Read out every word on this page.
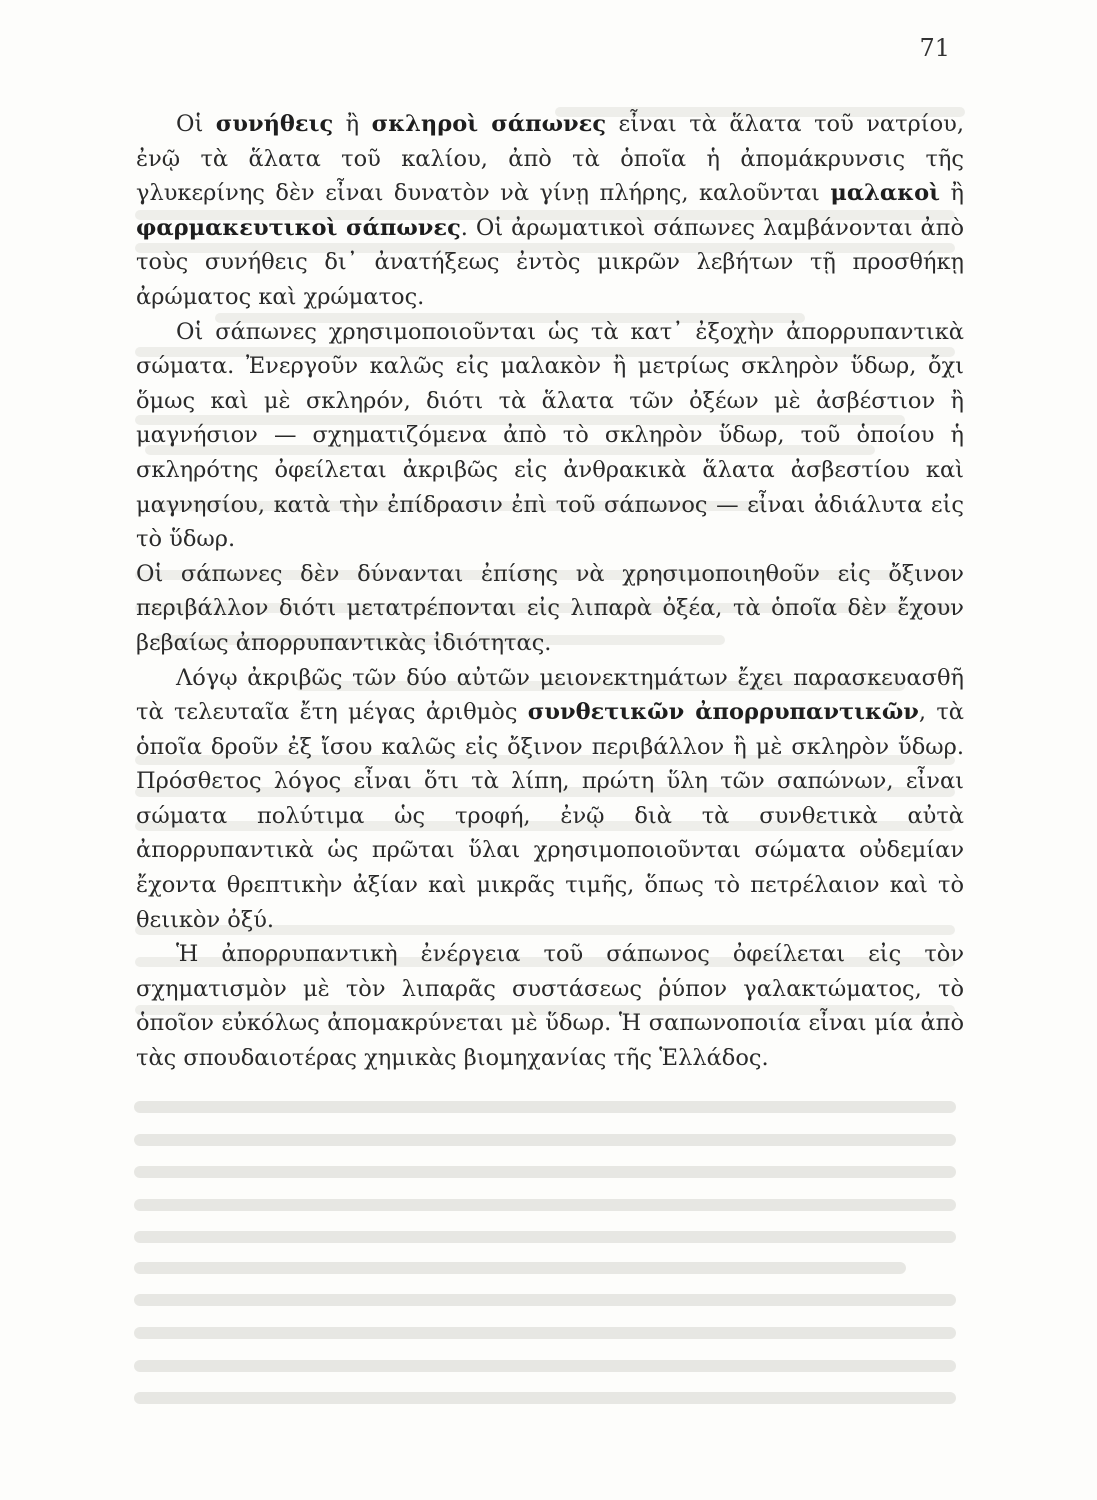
71

Οἱ συνήθεις ἢ σκληροὶ σάπωνες εἶναι τὰ ἅλατα τοῦ νατρίου, ἐνῷ τὰ ἅλατα τοῦ καλίου, ἀπὸ τὰ ὁποῖα ἡ ἀπομάκρυνσις τῆς γλυκερίνης δὲν εἶναι δυνατὸν νὰ γίνῃ πλήρης, καλοῦνται μαλακοὶ ἢ φαρμακευτικοὶ σάπωνες. Οἱ ἀρωματικοὶ σάπωνες λαμβάνονται ἀπὸ τοὺς συνήθεις δι᾿ ἀνατήξεως ἐντὸς μικρῶν λεβήτων τῇ προσθήκῃ ἀρώματος καὶ χρώματος.

Οἱ σάπωνες χρησιμοποιοῦνται ὡς τὰ κατ᾿ ἐξοχὴν ἀπορρυπαντικὰ σώματα. Ἐνεργοῦν καλῶς εἰς μαλακὸν ἢ μετρίως σκληρὸν ὕδωρ, ὄχι ὅμως καὶ μὲ σκληρόν, διότι τὰ ἅλατα τῶν ὀξέων μὲ ἀσβέστιον ἢ μαγνήσιον — σχηματιζόμενα ἀπὸ τὸ σκληρὸν ὕδωρ, τοῦ ὁποίου ἡ σκληρότης ὀφείλεται ἀκριβῶς εἰς ἀνθρακικὰ ἅλατα ἀσβεστίου καὶ μαγνησίου, κατὰ τὴν ἐπίδρασιν ἐπὶ τοῦ σάπωνος — εἶναι ἀδιάλυτα εἰς τὸ ὕδωρ.

Οἱ σάπωνες δὲν δύνανται ἐπίσης νὰ χρησιμοποιηθοῦν εἰς ὄξινον περιβάλλον διότι μετατρέπονται εἰς λιπαρὰ ὀξέα, τὰ ὁποῖα δὲν ἔχουν βεβαίως ἀπορρυπαντικὰς ἰδιότητας.

Λόγῳ ἀκριβῶς τῶν δύο αὐτῶν μειονεκτημάτων ἔχει παρασκευασθῆ τὰ τελευταῖα ἔτη μέγας ἀριθμὸς συνθετικῶν ἀπορρυπαντικῶν, τὰ ὁποῖα δροῦν ἐξ ἴσου καλῶς εἰς ὄξινον περιβάλλον ἢ μὲ σκληρὸν ὕδωρ. Πρόσθετος λόγος εἶναι ὅτι τὰ λίπη, πρώτη ὕλη τῶν σαπώνων, εἶναι σώματα πολύτιμα ὡς τροφή, ἐνῷ διὰ τὰ συνθετικὰ αὐτὰ ἀπορρυπαντικὰ ὡς πρῶται ὕλαι χρησιμοποιοῦνται σώματα οὐδεμίαν ἔχοντα θρεπτικὴν ἀξίαν καὶ μικρᾶς τιμῆς, ὅπως τὸ πετρέλαιον καὶ τὸ θειικὸν ὀξύ.

Ἡ ἀπορρυπαντικὴ ἐνέργεια τοῦ σάπωνος ὀφείλεται εἰς τὸν σχηματισμὸν μὲ τὸν λιπαρᾶς συστάσεως ῥύπον γαλακτώματος, τὸ ὁποῖον εὐκόλως ἀπομακρύνεται μὲ ὕδωρ. Ἡ σαπωνοποιία εἶναι μία ἀπὸ τὰς σπουδαιοτέρας χημικὰς βιομηχανίας τῆς Ἑλλάδος.
